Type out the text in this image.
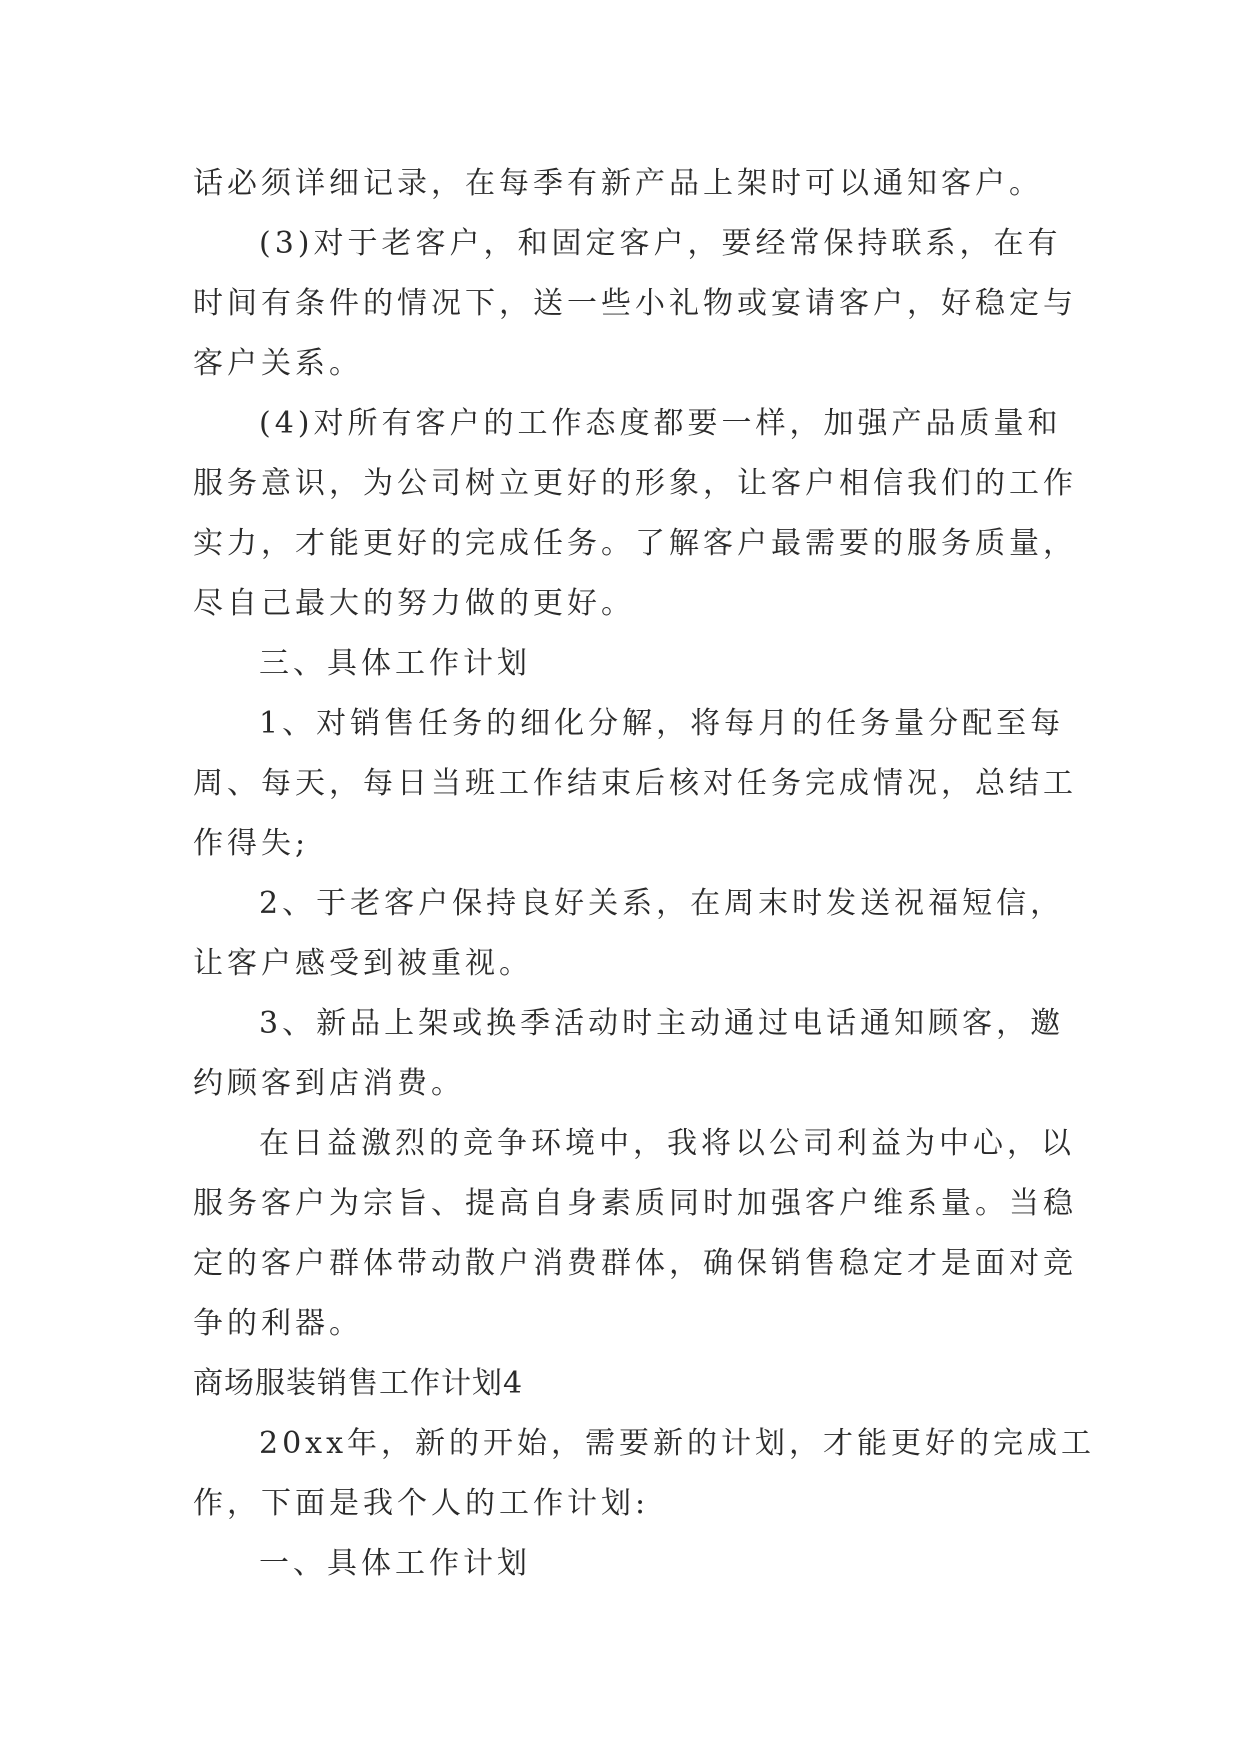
话必须详细记录，在每季有新产品上架时可以通知客户。
(3)对于老客户，和固定客户，要经常保持联系，在有
时间有条件的情况下，送一些小礼物或宴请客户，好稳定与
客户关系。
(4)对所有客户的工作态度都要一样，加强产品质量和
服务意识，为公司树立更好的形象，让客户相信我们的工作
实力，才能更好的完成任务。了解客户最需要的服务质量，
尽自己最大的努力做的更好。
三、具体工作计划
1、对销售任务的细化分解，将每月的任务量分配至每
周、每天，每日当班工作结束后核对任务完成情况，总结工
作得失;
2、于老客户保持良好关系，在周末时发送祝福短信，
让客户感受到被重视。
3、新品上架或换季活动时主动通过电话通知顾客，邀
约顾客到店消费。
在日益激烈的竞争环境中，我将以公司利益为中心，以
服务客户为宗旨、提高自身素质同时加强客户维系量。当稳
定的客户群体带动散户消费群体，确保销售稳定才是面对竞
争的利器。
商场服装销售工作计划4
20xx年，新的开始，需要新的计划，才能更好的完成工
作，下面是我个人的工作计划:
一、具体工作计划
